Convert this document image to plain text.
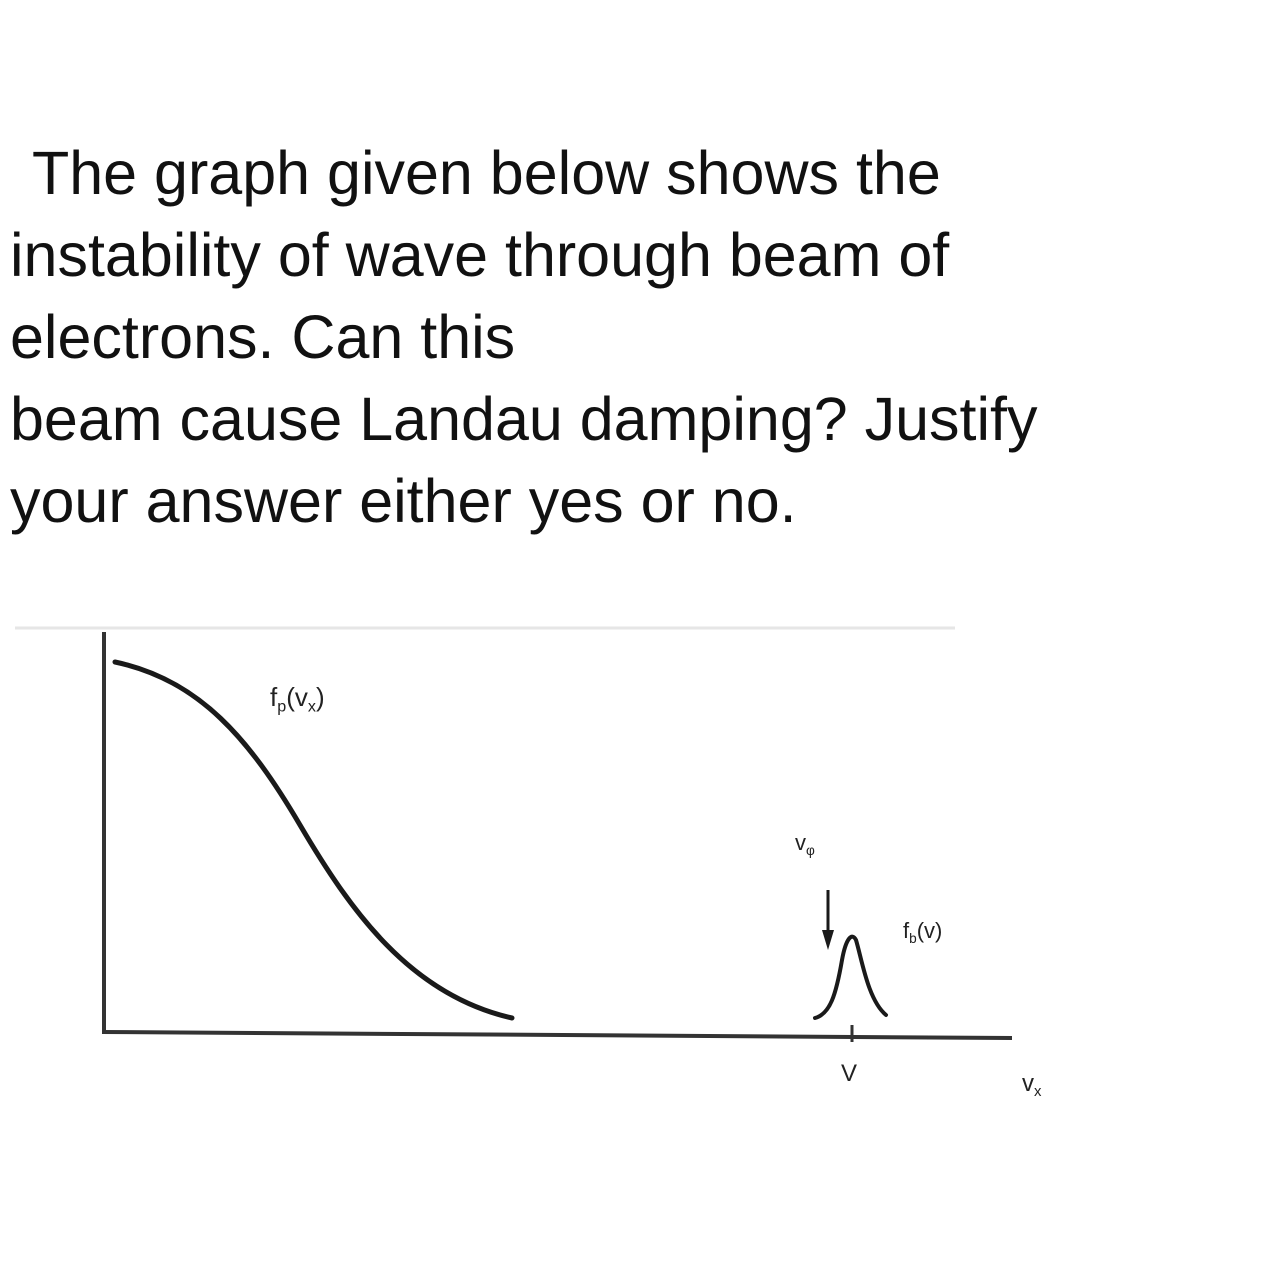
The graph given below shows the
instability of wave through beam of
electrons. Can this
beam cause Landau damping? Justify
your answer either yes or no.
$f_p(v_x)$
$f_b(v)$
$v_\varphi$
V	$v_x$
